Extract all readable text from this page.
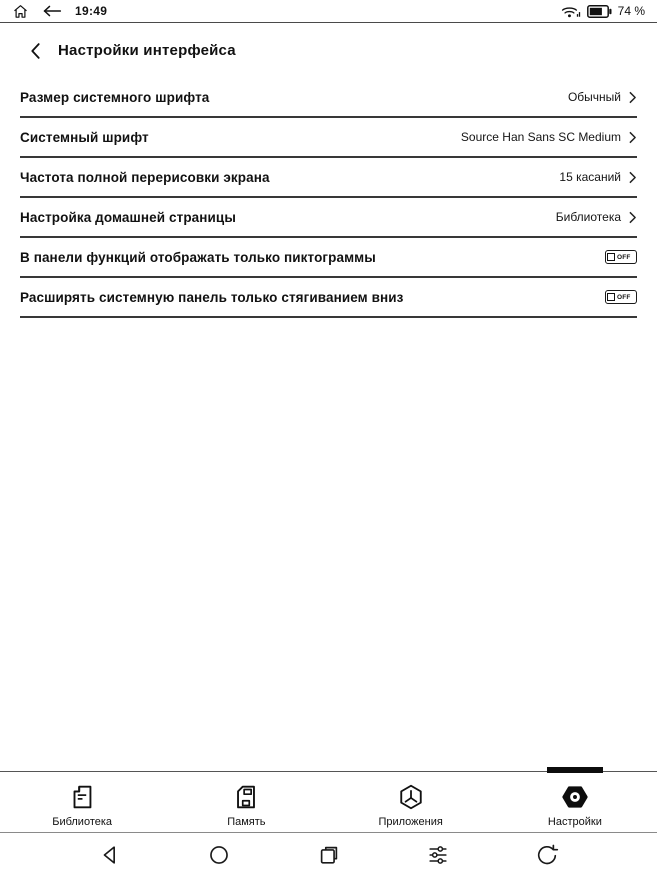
19:49	74 %
Настройки интерфейса
Размер системного шрифта	Обычный
Системный шрифт	Source Han Sans SC Medium
Частота полной перерисовки экрана	15 касаний
Настройка домашней страницы	Библиотека
В панели функций отображать только пиктограммы	OFF
Расширять системную панель только стягиванием вниз	OFF
Библиотека	Память	Приложения	Настройки
